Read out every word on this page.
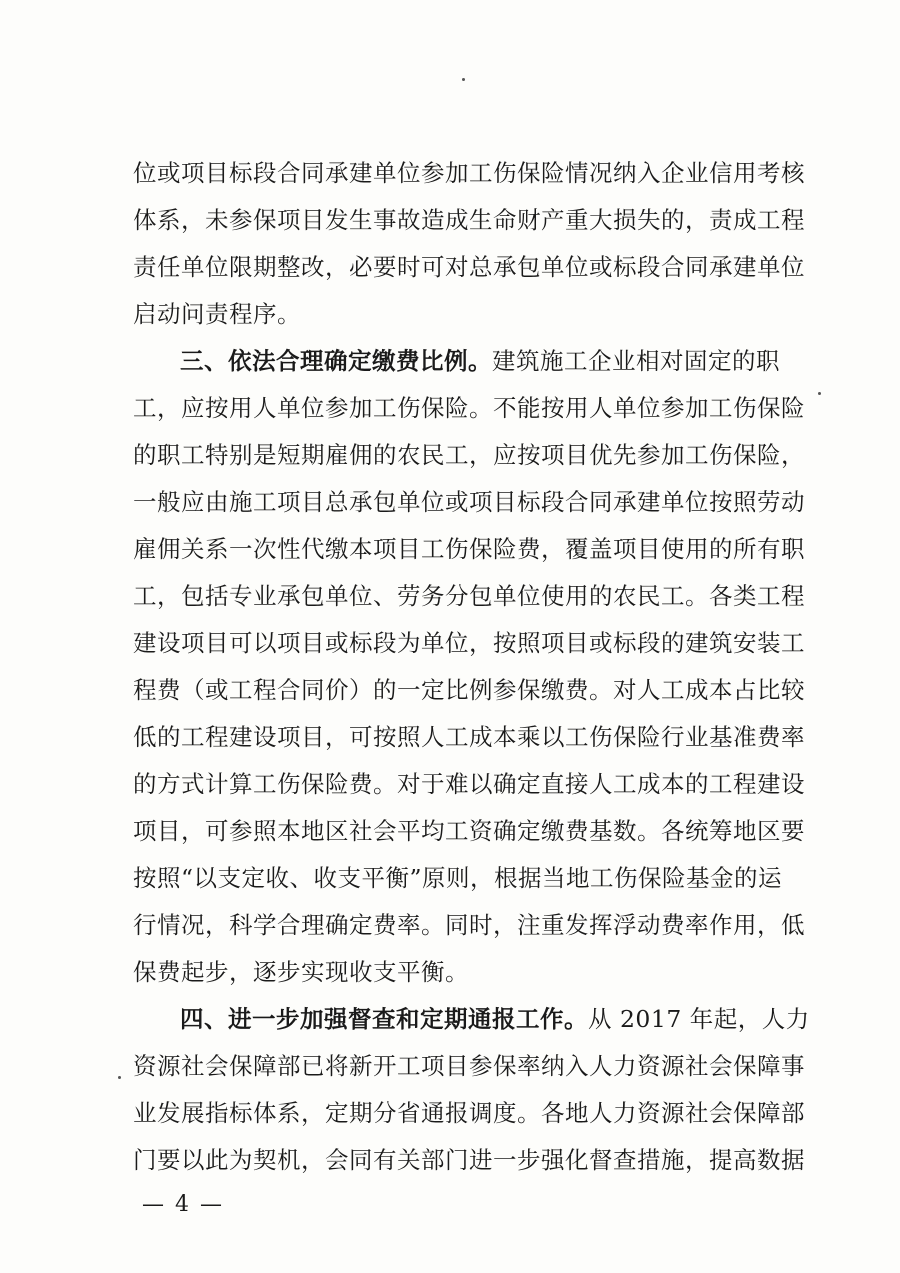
位或项目标段合同承建单位参加工伤保险情况纳入企业信用考核
体系，未参保项目发生事故造成生命财产重大损失的，责成工程
责任单位限期整改，必要时可对总承包单位或标段合同承建单位
启动问责程序。
三、依法合理确定缴费比例。建筑施工企业相对固定的职
工，应按用人单位参加工伤保险。不能按用人单位参加工伤保险
的职工特别是短期雇佣的农民工，应按项目优先参加工伤保险，
一般应由施工项目总承包单位或项目标段合同承建单位按照劳动
雇佣关系一次性代缴本项目工伤保险费，覆盖项目使用的所有职
工，包括专业承包单位、劳务分包单位使用的农民工。各类工程
建设项目可以项目或标段为单位，按照项目或标段的建筑安装工
程费（或工程合同价）的一定比例参保缴费。对人工成本占比较
低的工程建设项目，可按照人工成本乘以工伤保险行业基准费率
的方式计算工伤保险费。对于难以确定直接人工成本的工程建设
项目，可参照本地区社会平均工资确定缴费基数。各统筹地区要
按照“以支定收、收支平衡”原则，根据当地工伤保险基金的运
行情况，科学合理确定费率。同时，注重发挥浮动费率作用，低
保费起步，逐步实现收支平衡。
四、进一步加强督查和定期通报工作。从 2017 年起，人力
资源社会保障部已将新开工项目参保率纳入人力资源社会保障事
业发展指标体系，定期分省通报调度。各地人力资源社会保障部
门要以此为契机，会同有关部门进一步强化督查措施，提高数据
— 4 —
